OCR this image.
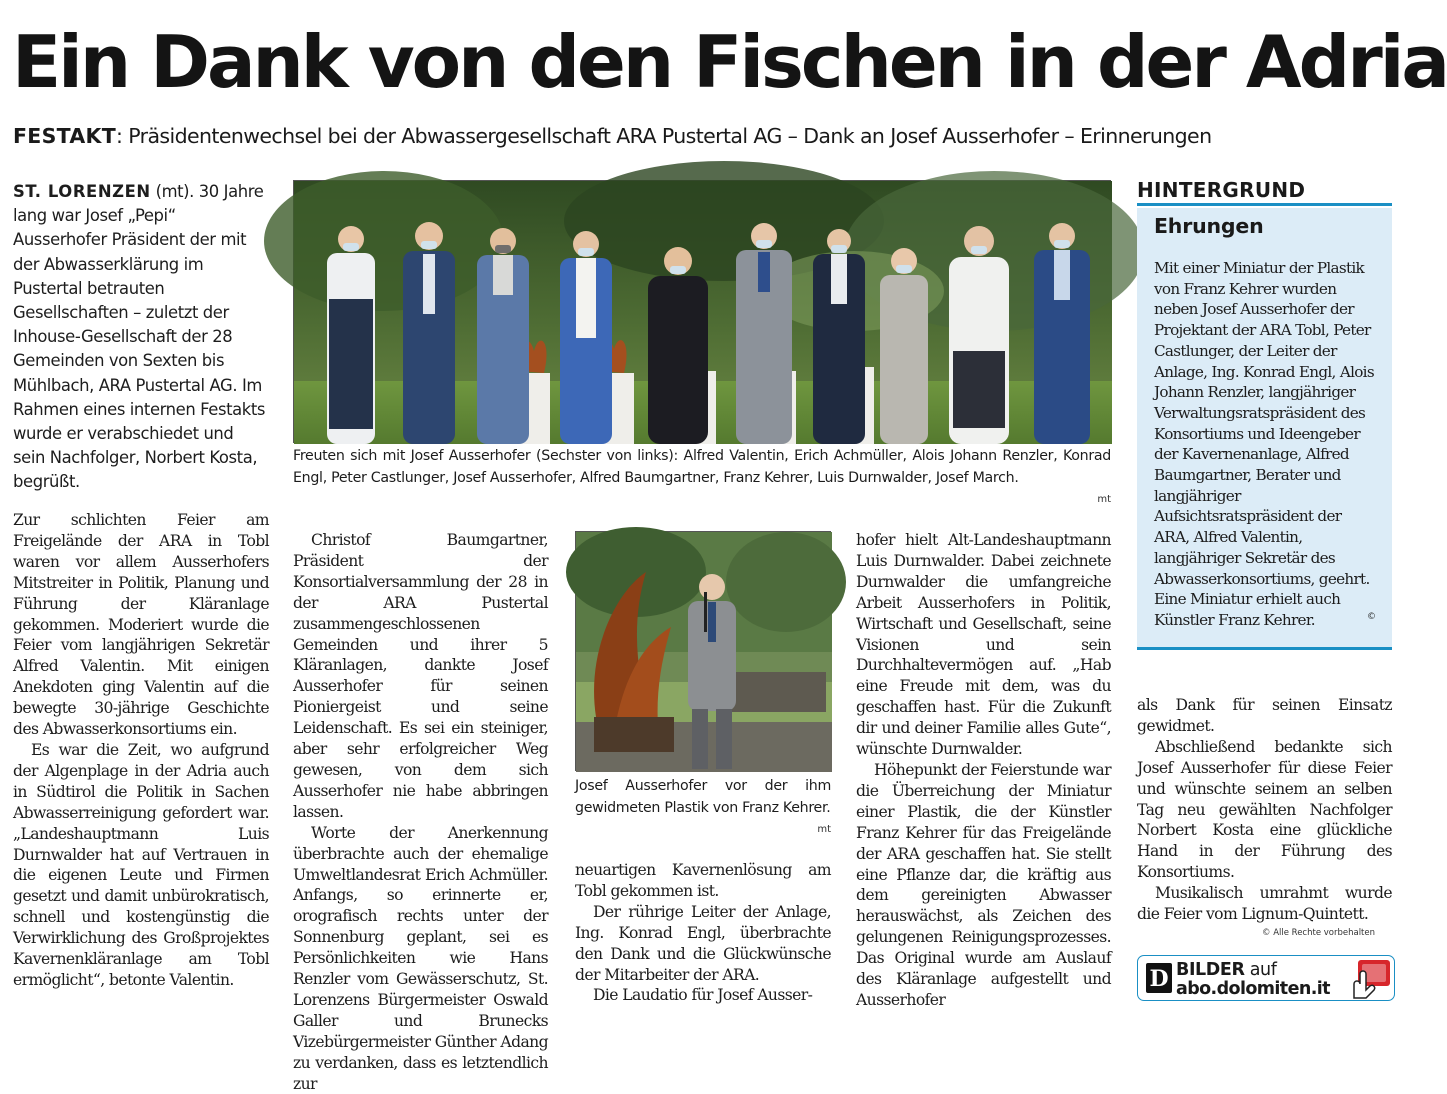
Ein Dank von den Fischen in der Adria
FESTAKT: Präsidentenwechsel bei der Abwassergesellschaft ARA Pustertal AG – Dank an Josef Ausserhofer – Erinnerungen
ST. LORENZEN (mt). 30 Jahre lang war Josef „Pepi“ Ausserhofer Präsident der mit der Abwasserklärung im Pustertal betrauten Gesellschaften – zuletzt der Inhouse-Gesellschaft der 28 Gemeinden von Sexten bis Mühlbach, ARA Pustertal AG. Im Rahmen eines internen Festakts wurde er verabschiedet und sein Nachfolger, Norbert Kosta, begrüßt.

Zur schlichten Feier am Freigelände der ARA in Tobl waren vor allem Ausserhofers Mitstreiter in Politik, Planung und Führung der Kläranlage gekommen. Moderiert wurde die Feier vom langjährigen Sekretär Alfred Valentin. Mit einigen Anekdoten ging Valentin auf die bewegte 30-jährige Geschichte des Abwasserkonsortiums ein.

Es war die Zeit, wo aufgrund der Algenplage in der Adria auch in Südtirol die Politik in Sachen Abwasserreinigung gefordert war. „Landeshauptmann Luis Durnwalder hat auf Vertrauen in die eigenen Leute und Firmen gesetzt und damit unbürokratisch, schnell und kostengünstig die Verwirklichung des Großprojektes Kavernenkläranlage am Tobl ermöglicht“, betonte Valentin.

Freuten sich mit Josef Ausserhofer (Sechster von links): Alfred Valentin, Erich Achmüller, Alois Johann Renzler, Konrad Engl, Peter Castlunger, Josef Ausserhofer, Alfred Baumgartner, Franz Kehrer, Luis Durnwalder, Josef March.
mt

Christof Baumgartner, Präsident der Konsortialversammlung der 28 in der ARA Pustertal zusammengeschlossenen Gemeinden und ihrer 5 Kläranlagen, dankte Josef Ausserhofer für seinen Pioniergeist und seine Leidenschaft. Es sei ein steiniger, aber sehr erfolgreicher Weg gewesen, von dem sich Ausserhofer nie habe abbringen lassen.

Worte der Anerkennung überbrachte auch der ehemalige Umweltlandesrat Erich Achmüller. Anfangs, so erinnerte er, orografisch rechts unter der Sonnenburg geplant, sei es Persönlichkeiten wie Hans Renzler vom Gewässerschutz, St. Lorenzens Bürgermeister Oswald Galler und Brunecks Vizebürgermeister Günther Adang zu verdanken, dass es letztendlich zur

Josef Ausserhofer vor der ihm gewidmeten Plastik von Franz Kehrer.
mt

neuartigen Kavernenlösung am Tobl gekommen ist.

Der rührige Leiter der Anlage, Ing. Konrad Engl, überbrachte den Dank und die Glückwünsche der Mitarbeiter der ARA.

Die Laudatio für Josef Ausser-

hofer hielt Alt-Landeshauptmann Luis Durnwalder. Dabei zeichnete Durnwalder die umfangreiche Arbeit Ausserhofers in Politik, Wirtschaft und Gesellschaft, seine Visionen und sein Durchhaltevermögen auf. „Hab eine Freude mit dem, was du geschaffen hast. Für die Zukunft dir und deiner Familie alles Gute“, wünschte Durnwalder.

Höhepunkt der Feierstunde war die Überreichung der Miniatur einer Plastik, die der Künstler Franz Kehrer für das Freigelände der ARA geschaffen hat. Sie stellt eine Pflanze dar, die kräftig aus dem gereinigten Abwasser herauswächst, als Zeichen des gelungenen Reinigungsprozesses. Das Original wurde am Auslauf des Kläranlage aufgestellt und Ausserhofer

HINTERGRUND
Ehrungen
Mit einer Miniatur der Plastik von Franz Kehrer wurden neben Josef Ausserhofer der Projektant der ARA Tobl, Peter Castlunger, der Leiter der Anlage, Ing. Konrad Engl, Alois Johann Renzler, langjähriger Verwaltungsratspräsident des Konsortiums und Ideengeber der Kavernenanlage, Alfred Baumgartner, Berater und langjähriger Aufsichtsratspräsident der ARA, Alfred Valentin, langjähriger Sekretär des Abwasserkonsortiums, geehrt. Eine Miniatur erhielt auch Künstler Franz Kehrer.	©

als Dank für seinen Einsatz gewidmet.

Abschließend bedankte sich Josef Ausserhofer für diese Feier und wünschte seinem an selben Tag neu gewählten Nachfolger Norbert Kosta eine glückliche Hand in der Führung des Konsortiums.

Musikalisch umrahmt wurde die Feier vom Lignum-Quintett.

© Alle Rechte vorbehalten
D BILDER auf
abo.dolomiten.it
